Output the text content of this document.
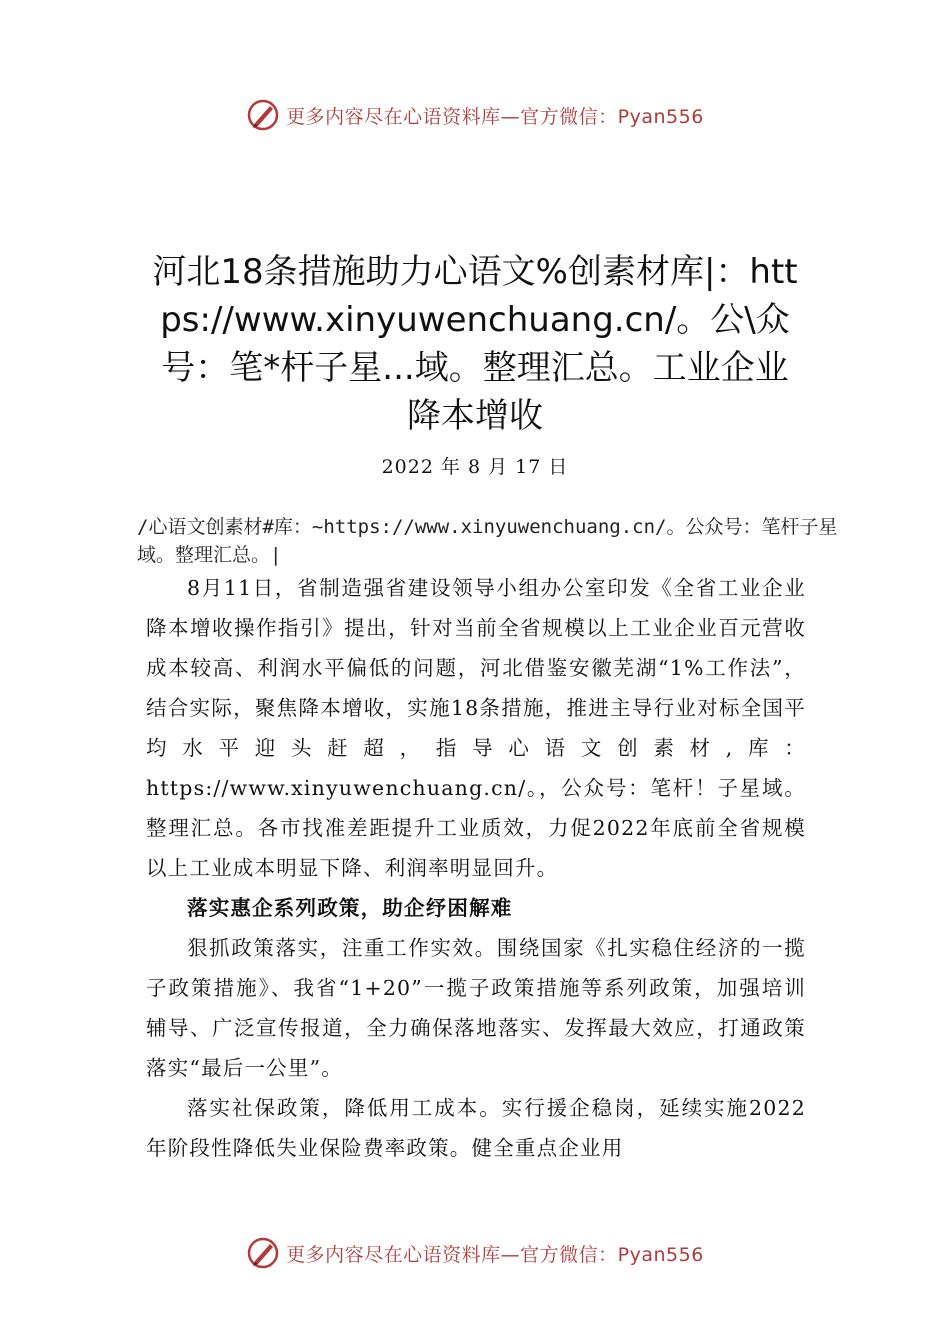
更多内容尽在心语资料库—官方微信：Pyan556
河北18条措施助力心语文%创素材库|：https://www.xinyuwenchuang.cn/。公\众号：笔*杆子星...域。整理汇总。工业企业降本增收
2022 年 8 月 17 日
/心语文创素材#库：~https://www.xinyuwenchuang.cn/。公众号：笔杆子星域。整理汇总。|

8月11日，省制造强省建设领导小组办公室印发《全省工业企业降本增收操作指引》提出，针对当前全省规模以上工业企业百元营收成本较高、利润水平偏低的问题，河北借鉴安徽芜湖“1%工作法”，结合实际，聚焦降本增收，实施18条措施，推进主导行业对标全国平均水平迎头赶超，指导心语文创素材,库：https://www.xinyuwenchuang.cn/。，公众号：笔杆！子星域。整理汇总。各市找准差距提升工业质效，力促2022年底前全省规模以上工业成本明显下降、利润率明显回升。

落实惠企系列政策，助企纾困解难

狠抓政策落实，注重工作实效。围绕国家《扎实稳住经济的一揽子政策措施》、我省“1+20”一揽子政策措施等系列政策，加强培训辅导、广泛宣传报道，全力确保落地落实、发挥最大效应，打通政策落实“最后一公里”。

落实社保政策，降低用工成本。实行援企稳岗，延续实施2022年阶段性降低失业保险费率政策。健全重点企业用

更多内容尽在心语资料库—官方微信：Pyan556
